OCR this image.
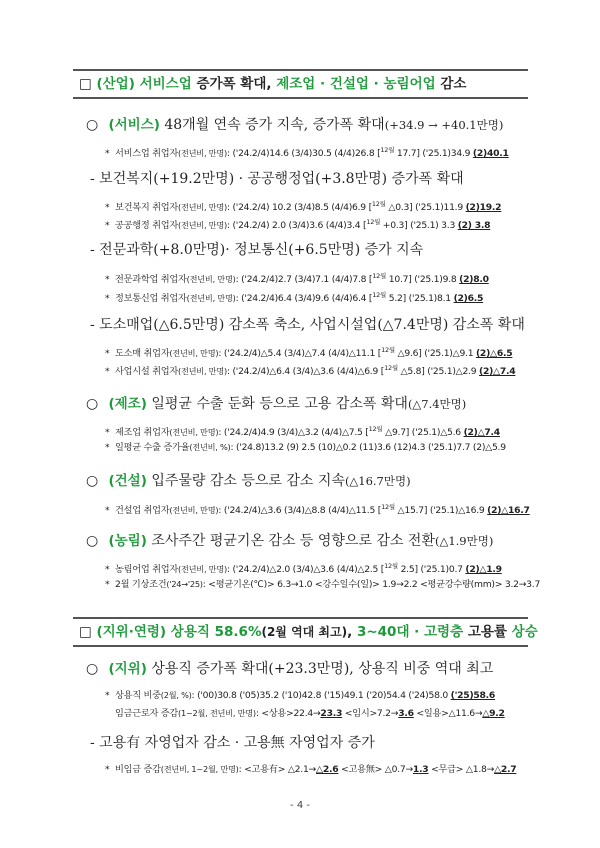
□ (산업) 서비스업 증가폭 확대, 제조업 · 건설업 · 농림어업 감소
○ (서비스) 48개월 연속 증가 지속, 증가폭 확대(+34.9 → +40.1만명)
* 서비스업 취업자(전년비, 만명): ('24.2/4)14.6 (3/4)30.5 (4/4)26.8 [$^{12월}$ 17.7] ('25.1)34.9 (2)40.1
- 보건복지(+19.2만명) · 공공행정업(+3.8만명) 증가폭 확대
* 보건복지 취업자(전년비, 만명): ('24.2/4) 10.2 (3/4)8.5 (4/4)6.9 [$^{12월}$ △0.3] ('25.1)11.9 (2)19.2
* 공공행정 취업자(전년비, 만명): ('24.2/4) 2.0 (3/4)3.6 (4/4)3.4 [$^{12월}$ +0.3] ('25.1) 3.3 (2) 3.8
- 전문과학(+8.0만명)· 정보통신(+6.5만명) 증가 지속
* 전문과학업 취업자(전년비, 만명): ('24.2/4)2.7 (3/4)7.1 (4/4)7.8 [$^{12월}$ 10.7] ('25.1)9.8 (2)8.0
* 정보통신업 취업자(전년비, 만명): ('24.2/4)6.4 (3/4)9.6 (4/4)6.4 [$^{12월}$ 5.2] ('25.1)8.1 (2)6.5
- 도소매업(△6.5만명) 감소폭 축소, 사업시설업(△7.4만명) 감소폭 확대
* 도소매 취업자(전년비, 만명): ('24.2/4)△5.4 (3/4)△7.4 (4/4)△11.1 [$^{12월}$ △9.6] ('25.1)△9.1 (2)△6.5
* 사업시설 취업자(전년비, 만명): ('24.2/4)△6.4 (3/4)△3.6 (4/4)△6.9 [$^{12월}$ △5.8] ('25.1)△2.9 (2)△7.4
○ (제조) 일평균 수출 둔화 등으로 고용 감소폭 확대(△7.4만명)
* 제조업 취업자(전년비, 만명): ('24.2/4)4.9 (3/4)△3.2 (4/4)△7.5 [$^{12월}$ △9.7] ('25.1)△5.6 (2)△7.4
* 일평균 수출 증가율(전년비, %): ('24.8)13.2 (9) 2.5 (10)△0.2 (11)3.6 (12)4.3 ('25.1)7.7 (2)△5.9
○ (건설) 입주물량 감소 등으로 감소 지속(△16.7만명)
* 건설업 취업자(전년비, 만명): ('24.2/4)△3.6 (3/4)△8.8 (4/4)△11.5 [$^{12월}$ △15.7] ('25.1)△16.9 (2)△16.7
○ (농림) 조사주간 평균기온 감소 등 영향으로 감소 전환(△1.9만명)
* 농림어업 취업자(전년비, 만명): ('24.2/4)△2.0 (3/4)△3.6 (4/4)△2.5 [$^{12월}$ 2.5] ('25.1)0.7 (2)△1.9
* 2월 기상조건('24→'25): <평균기온(℃)> 6.3→1.0 <강수일수(일)> 1.9→2.2 <평균강수량(mm)> 3.2→3.7
□ (지위·연령) 상용직 58.6%(2월 역대 최고), 3~40대 · 고령층 고용률 상승
○ (지위) 상용직 증가폭 확대(+23.3만명), 상용직 비중 역대 최고
* 상용직 비중(2월, %): ('00)30.8 ('05)35.2 ('10)42.8 ('15)49.1 ('20)54.4 ('24)58.0 ('25)58.6
임금근로자 증감(1~2월, 전년비, 만명): <상용>22.4→23.3 <임시>7.2→3.6 <일용>△11.6→△9.2
- 고용有 자영업자 감소 · 고용無 자영업자 증가
* 비임금 증감(전년비, 1~2월, 만명): <고용有> △2.1→△2.6 <고용無> △0.7→1.3 <무급> △1.8→△2.7
- 4 -
